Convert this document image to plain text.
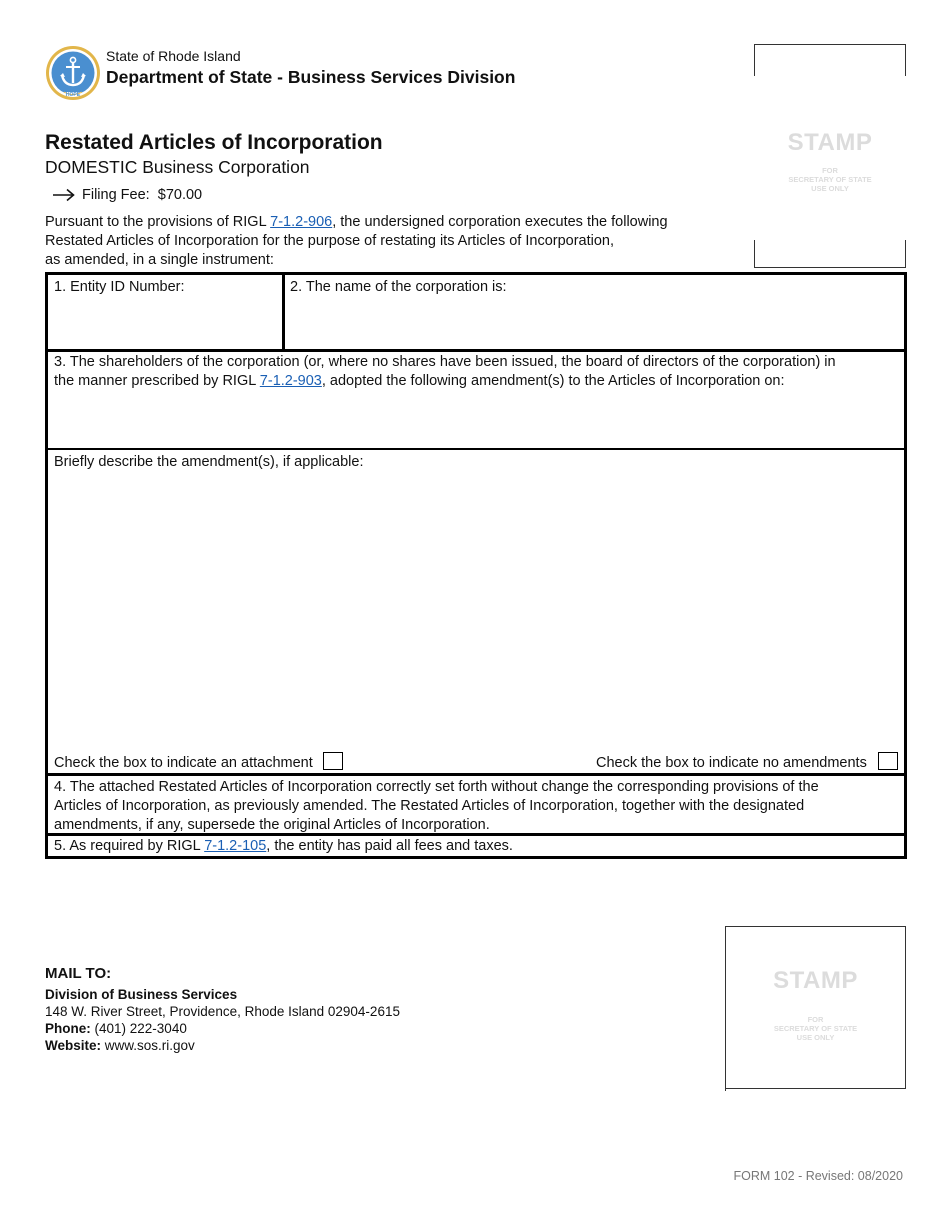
HOPE
State of Rhode Island
Department of State - Business Services Division
STAMP
FOR
SECRETARY OF STATE
USE ONLY
Restated Articles of Incorporation
DOMESTIC Business Corporation
Filing Fee:
$70.00
Pursuant to the provisions of RIGL 7-1.2-906, the undersigned corporation executes the following
Restated Articles of Incorporation for the purpose of restating its Articles of Incorporation,
as amended, in a single instrument:
1. Entity ID Number:	2. The name of the corporation is:
3. The shareholders of the corporation (or, where no shares have been issued, the board of directors of the corporation) in
the manner prescribed by RIGL 7-1.2-903, adopted the following amendment(s) to the Articles of Incorporation on:
Briefly describe the amendment(s), if applicable:
Check the box to indicate an attachment	Check the box to indicate no amendments
4. The attached Restated Articles of Incorporation correctly set forth without change the corresponding provisions of the
Articles of Incorporation, as previously amended. The Restated Articles of Incorporation, together with the designated
amendments, if any, supersede the original Articles of Incorporation.
5. As required by RIGL 7-1.2-105, the entity has paid all fees and taxes.
MAIL TO:
Division of Business Services
148 W. River Street, Providence, Rhode Island 02904-2615
Phone: (401) 222-3040
Website: www.sos.ri.gov
STAMP
FOR
SECRETARY OF STATE
USE ONLY
FORM 102 - Revised: 08/2020
